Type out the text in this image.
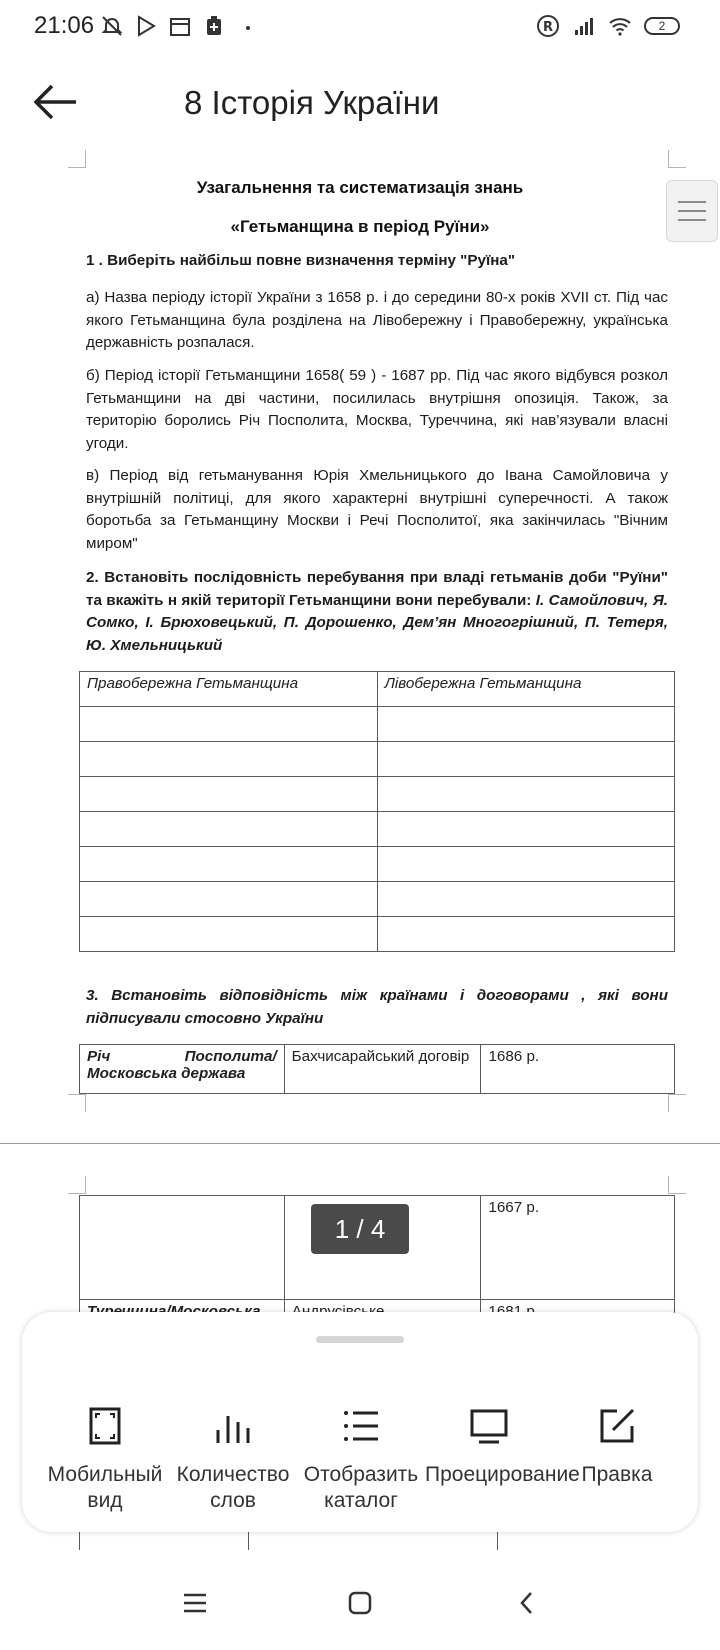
21:06	R	2
8 Історія України
Узагальнення та систематизація знань
«Гетьманщина в період Руїни»
1 . Виберіть найбільш повне визначення терміну "Руїна"
а) Назва періоду історії України з 1658 р. і до середини 80-х років XVII ст. Під час якого Гетьманщина була розділена на Лівобережну і Правобережну, українська державність розпалася.
б) Період історії Гетьманщини 1658( 59 ) - 1687 рр. Під час якого відбувся розкол Гетьманщини на дві частини, посилилась внутрішня опозиція. Також, за територію боролись Річ Посполита, Москва, Туреччина, які нав’язували власні угоди.
в) Період від гетьманування Юрія Хмельницького до Івана Самойловича у внутрішній політиці, для якого характерні внутрішні суперечності. А також боротьба за Гетьманщину Москви і Речі Посполитої, яка закінчилась "Вічним миром"
2. Встановіть послідовність перебування при владі гетьманів доби "Руїни" та вкажіть н якій території Гетьманщини вони перебували: І. Самойлович, Я. Сомко, І. Брюховецький, П. Дорошенко, Дем’ян Многогрішний, П. Тетеря, Ю. Хмельницький
Правобережна Гетьманщина	Лівобережна Гетьманщина

3. Встановіть відповідність між країнами і договорами , які вони підписували стосовно України
Річ Посполита/ Московська держава	Бахчисарайський договір	1686 р.
		1667 р.

1 / 4
Мобильный вид
Количество слов
Отобразить каталог
Проецирование Правка
